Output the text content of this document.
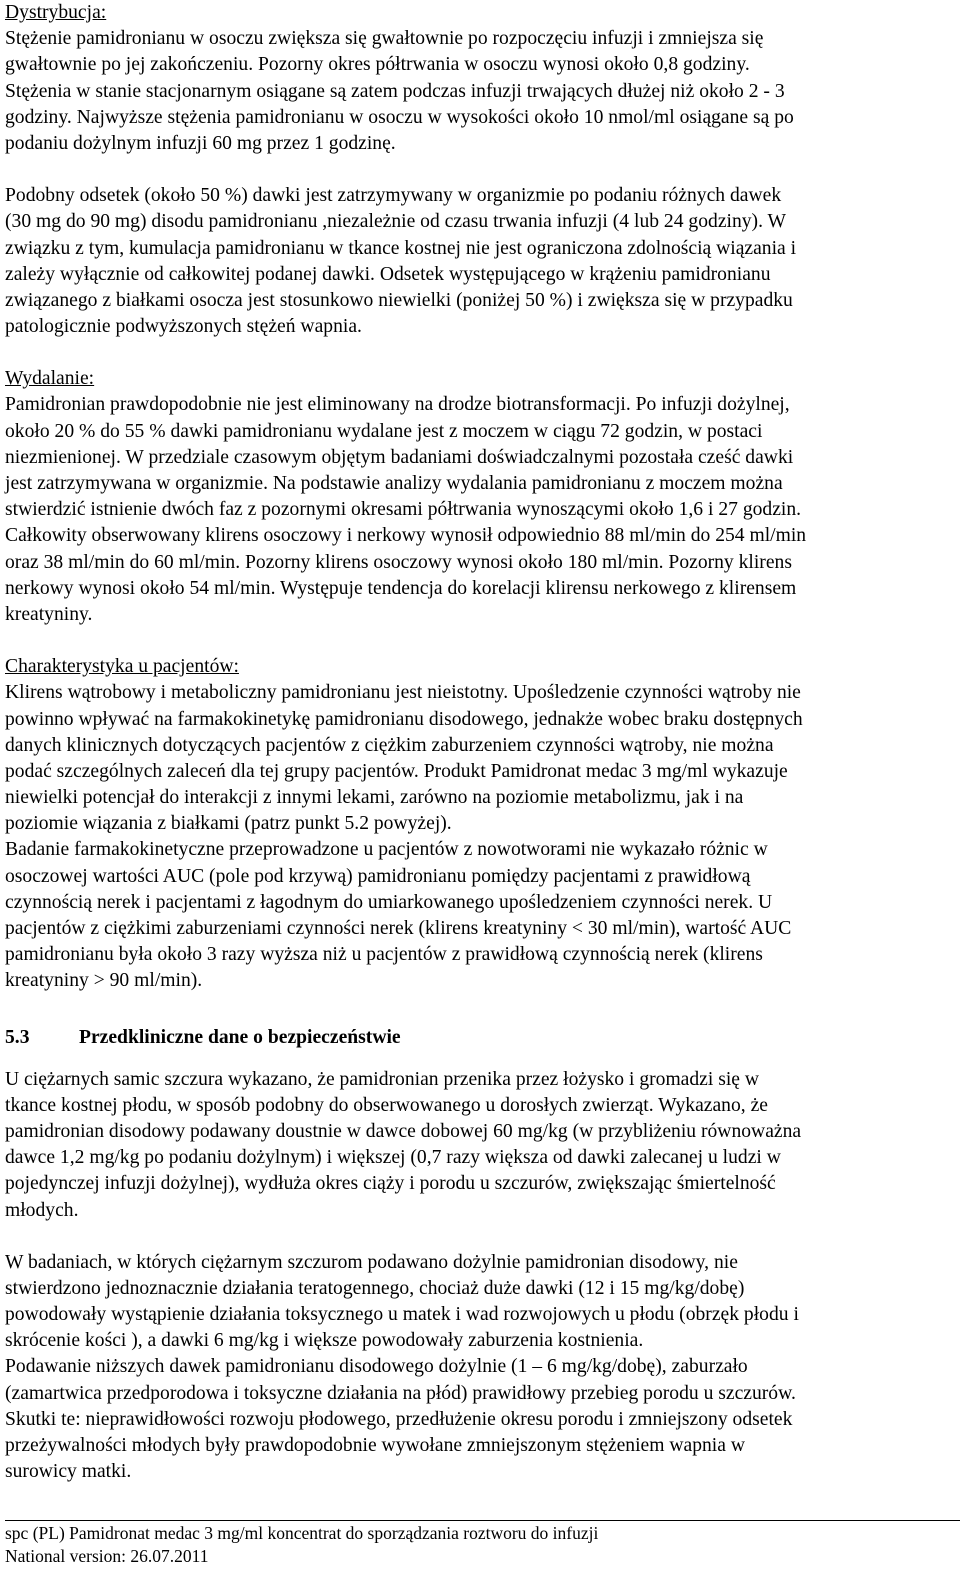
Dystrybucja:
Stężenie pamidronianu w osoczu zwiększa się gwałtownie po rozpoczęciu infuzji i zmniejsza się
gwałtownie po jej zakończeniu. Pozorny okres półtrwania w osoczu wynosi około 0,8 godziny.
Stężenia w stanie stacjonarnym osiągane są zatem podczas infuzji trwających dłużej niż około 2 - 3
godziny. Najwyższe stężenia pamidronianu w osoczu w wysokości około 10 nmol/ml osiągane są po
podaniu dożylnym infuzji 60 mg przez 1 godzinę.
Podobny odsetek (około 50 %) dawki jest zatrzymywany w organizmie po podaniu różnych dawek
(30 mg do 90 mg) disodu pamidronianu ,niezależnie od czasu trwania infuzji (4 lub 24 godziny). W
związku z tym, kumulacja pamidronianu w tkance kostnej nie jest ograniczona zdolnością wiązania i
zależy wyłącznie od całkowitej podanej dawki. Odsetek występującego w krążeniu pamidronianu
związanego z białkami osocza jest stosunkowo niewielki (poniżej 50 %) i zwiększa się w przypadku
patologicznie podwyższonych stężeń wapnia.
Wydalanie:
Pamidronian prawdopodobnie nie jest eliminowany na drodze biotransformacji. Po infuzji dożylnej,
około 20 % do 55 % dawki pamidronianu wydalane jest z moczem w ciągu 72 godzin, w postaci
niezmienionej. W przedziale czasowym objętym badaniami doświadczalnymi pozostała cześć dawki
jest zatrzymywana w organizmie. Na podstawie analizy wydalania pamidronianu z moczem można
stwierdzić istnienie dwóch faz z pozornymi okresami półtrwania wynoszącymi około 1,6 i 27 godzin.
Całkowity obserwowany klirens osoczowy i nerkowy wynosił odpowiednio 88 ml/min do 254 ml/min
oraz 38 ml/min do 60 ml/min. Pozorny klirens osoczowy wynosi około 180 ml/min. Pozorny klirens
nerkowy wynosi około 54 ml/min. Występuje tendencja do korelacji klirensu nerkowego z klirensem
kreatyniny.
Charakterystyka u pacjentów:
Klirens wątrobowy i metaboliczny pamidronianu jest nieistotny. Upośledzenie czynności wątroby nie
powinno wpływać na farmakokinetykę pamidronianu disodowego, jednakże wobec braku dostępnych
danych klinicznych dotyczących pacjentów z ciężkim zaburzeniem czynności wątroby, nie można
podać szczególnych zaleceń dla tej grupy pacjentów. Produkt Pamidronat medac 3 mg/ml wykazuje
niewielki potencjał do interakcji z innymi lekami, zarówno na poziomie metabolizmu, jak i na
poziomie wiązania z białkami (patrz punkt 5.2 powyżej).
Badanie farmakokinetyczne przeprowadzone u pacjentów z nowotworami nie wykazało różnic w
osoczowej wartości AUC (pole pod krzywą) pamidronianu pomiędzy pacjentami z prawidłową
czynnością nerek i pacjentami z łagodnym do umiarkowanego upośledzeniem czynności nerek. U
pacjentów z ciężkimi zaburzeniami czynności nerek (klirens kreatyniny < 30 ml/min), wartość AUC
pamidronianu była około 3 razy wyższa niż u pacjentów z prawidłową czynnością nerek (klirens
kreatyniny > 90 ml/min).
5.3	Przedkliniczne dane o bezpieczeństwie
U ciężarnych samic szczura wykazano, że pamidronian przenika przez łożysko i gromadzi się w
tkance kostnej płodu, w sposób podobny do obserwowanego u dorosłych zwierząt. Wykazano, że
pamidronian disodowy podawany doustnie w dawce dobowej 60 mg/kg (w przybliżeniu równoważna
dawce 1,2 mg/kg po podaniu dożylnym) i większej (0,7 razy większa od dawki zalecanej u ludzi w
pojedynczej infuzji dożylnej), wydłuża okres ciąży i porodu u szczurów, zwiększając śmiertelność
młodych.
W badaniach, w których ciężarnym szczurom podawano dożylnie pamidronian disodowy, nie
stwierdzono jednoznacznie działania teratogennego, chociaż duże dawki (12 i 15 mg/kg/dobę)
powodowały wystąpienie działania toksycznego u matek i wad rozwojowych u płodu (obrzęk płodu i
skrócenie kości ), a dawki 6 mg/kg i większe powodowały zaburzenia kostnienia.
Podawanie niższych dawek pamidronianu disodowego dożylnie (1 – 6 mg/kg/dobę), zaburzało
(zamartwica przedporodowa i toksyczne działania na płód) prawidłowy przebieg porodu u szczurów.
Skutki te: nieprawidłowości rozwoju płodowego, przedłużenie okresu porodu i zmniejszony odsetek
przeżywalności młodych były prawdopodobnie wywołane zmniejszonym stężeniem wapnia w
surowicy matki.
spc (PL) Pamidronat medac 3 mg/ml koncentrat do sporządzania roztworu do infuzji
National version: 26.07.2011
